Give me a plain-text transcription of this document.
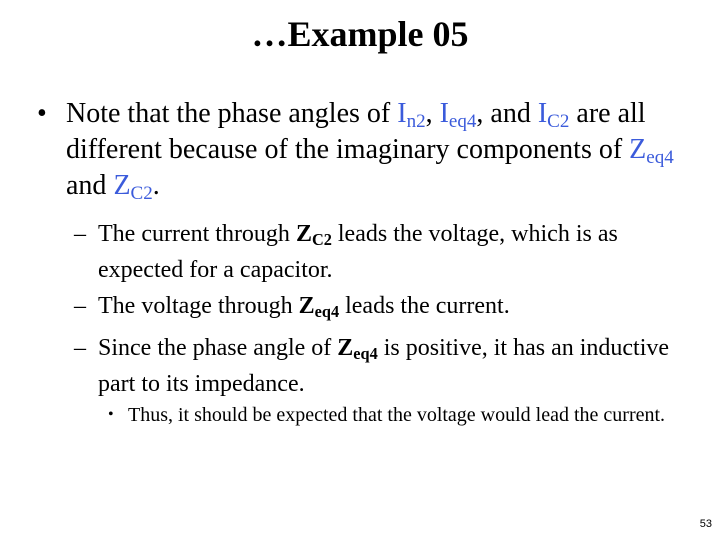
…Example 05
• Note that the phase angles of $I_{n2}$, $I_{eq4}$, and $I_{C2}$ are all different because of the imaginary components of $Z_{eq4}$ and $Z_{C2}$.
– The current through $Z_{C2}$ leads the voltage, which is as expected for a capacitor.
– The voltage through $Z_{eq4}$ leads the current.
– Since the phase angle of $Z_{eq4}$ is positive, it has an inductive part to its impedance.
• Thus, it should be expected that the voltage would lead the current.
53
